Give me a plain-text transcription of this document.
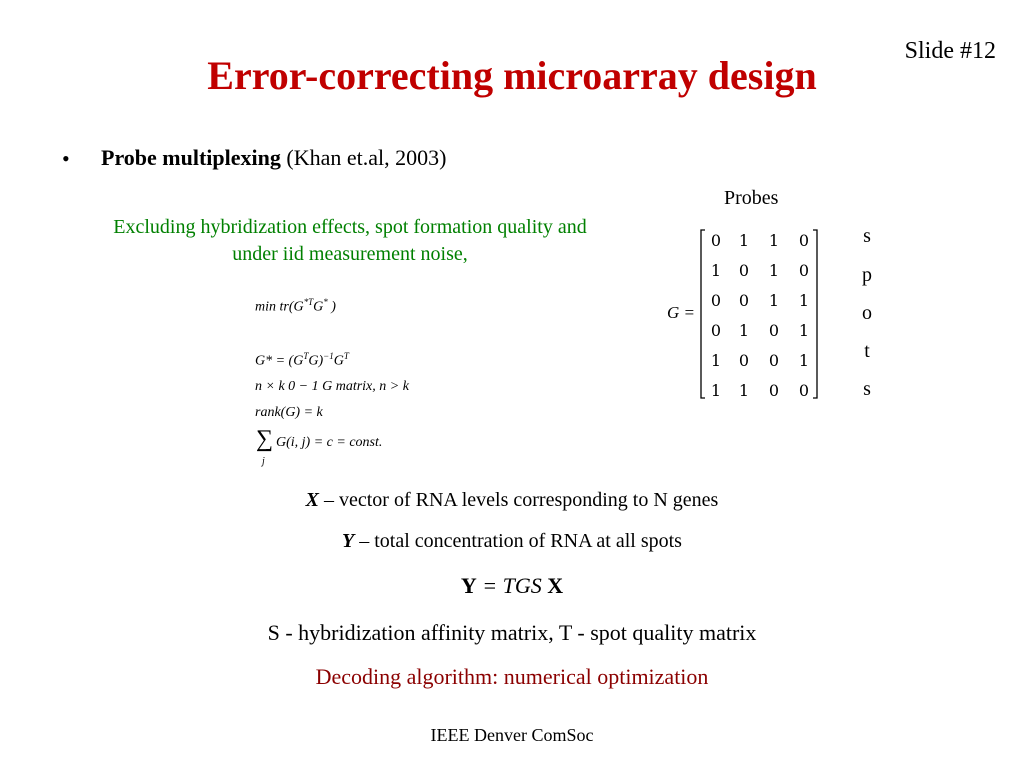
Slide #12
Error-correcting microarray design
• Probe multiplexing (Khan et.al, 2003)
Excluding hybridization effects, spot formation quality and
under iid measurement noise,
$\min tr(G^{*T}G^*$ )
$G* = (G^TG)^{-1}G^T$
n × k 0 − 1 G matrix, n > k
rank(G) = k
∑
j
G(i, j) = c = const.
Probes
G =
0 1 1 0
1 0 1 0
0 0 1 1
0 1 0 1
1 0 0 1
1 1 0 0
s
p
o
t
s
X – vector of RNA levels corresponding to N genes
Y – total concentration of RNA at all spots
Y = TGS X
S - hybridization affinity matrix, T - spot quality matrix
Decoding algorithm: numerical optimization
IEEE Denver ComSoc
